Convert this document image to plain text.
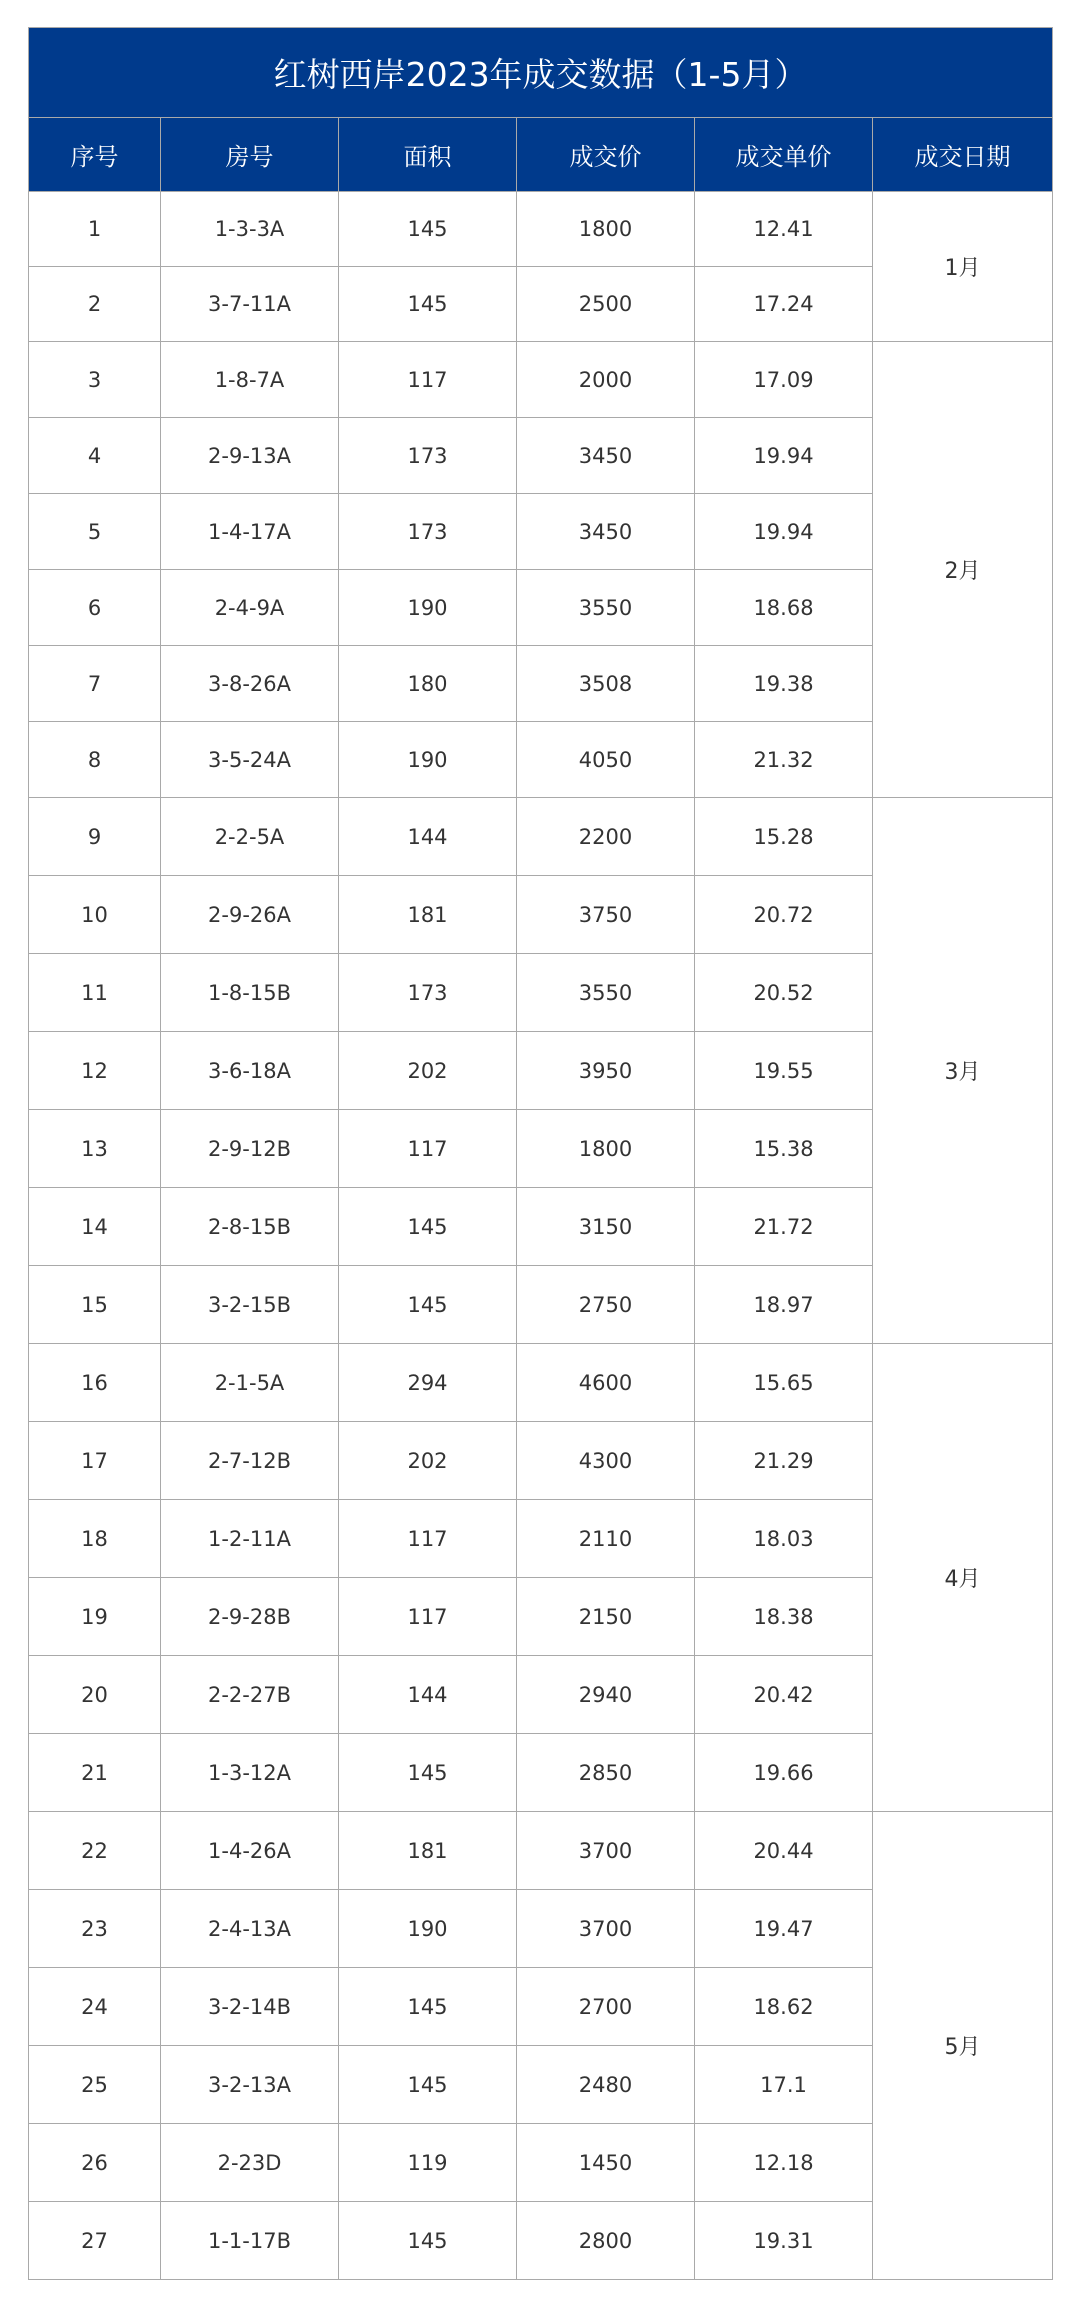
红树西岸2023年成交数据（1-5月）					
序号	房号	面积	成交价	成交单价	成交日期
1	1-3-3A	145	1800	12.41	1月
2	3-7-11A	145	2500	17.24	
3	1-8-7A	117	2000	17.09	2月
4	2-9-13A	173	3450	19.94	
5	1-4-17A	173	3450	19.94	
6	2-4-9A	190	3550	18.68	
7	3-8-26A	180	3508	19.38	
8	3-5-24A	190	4050	21.32	
9	2-2-5A	144	2200	15.28	3月
10	2-9-26A	181	3750	20.72	
11	1-8-15B	173	3550	20.52	
12	3-6-18A	202	3950	19.55	
13	2-9-12B	117	1800	15.38	
14	2-8-15B	145	3150	21.72	
15	3-2-15B	145	2750	18.97	
16	2-1-5A	294	4600	15.65	4月
17	2-7-12B	202	4300	21.29	
18	1-2-11A	117	2110	18.03	
19	2-9-28B	117	2150	18.38	
20	2-2-27B	144	2940	20.42	
21	1-3-12A	145	2850	19.66	
22	1-4-26A	181	3700	20.44	5月
23	2-4-13A	190	3700	19.47	
24	3-2-14B	145	2700	18.62	
25	3-2-13A	145	2480	17.1	
26	2-23D	119	1450	12.18	
27	1-1-17B	145	2800	19.31	
